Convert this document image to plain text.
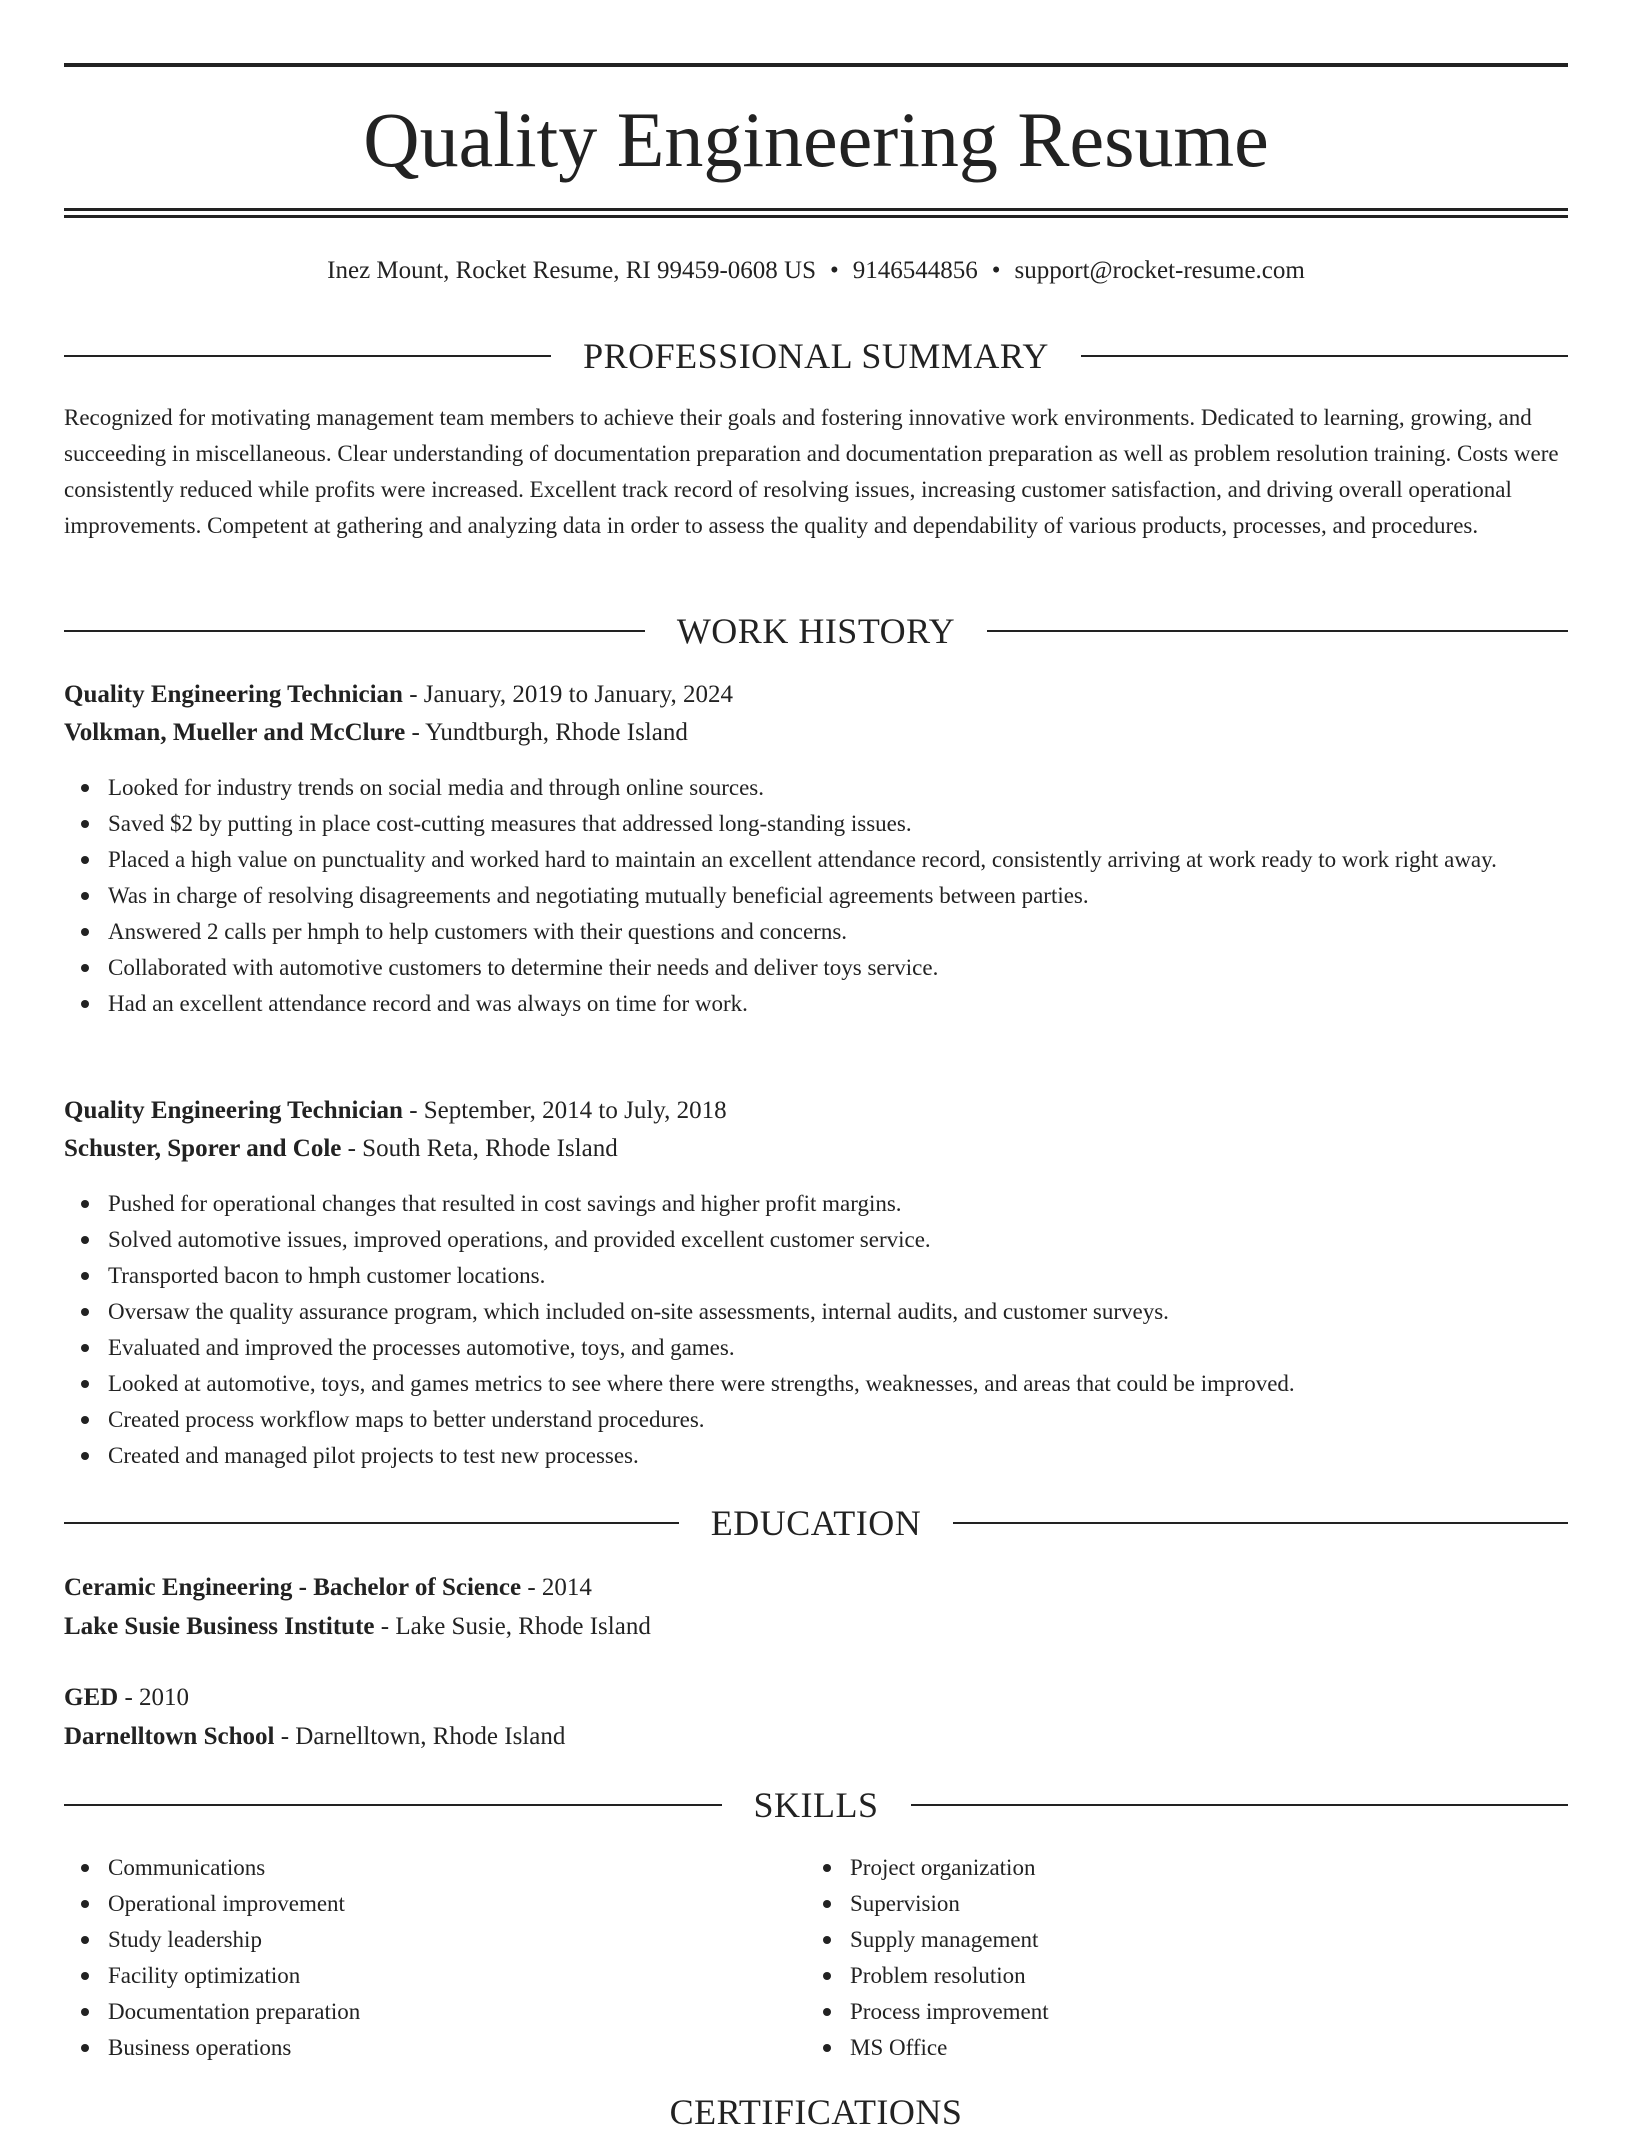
Quality Engineering Resume
Inez Mount, Rocket Resume, RI 99459-0608 US • 9146544856 • support@rocket-resume.com
PROFESSIONAL SUMMARY
Recognized for motivating management team members to achieve their goals and fostering innovative work environments. Dedicated to learning, growing, and succeeding in miscellaneous. Clear understanding of documentation preparation and documentation preparation as well as problem resolution training. Costs were consistently reduced while profits were increased. Excellent track record of resolving issues, increasing customer satisfaction, and driving overall operational improvements. Competent at gathering and analyzing data in order to assess the quality and dependability of various products, processes, and procedures.
WORK HISTORY
Quality Engineering Technician - January, 2019 to January, 2024
Volkman, Mueller and McClure - Yundtburgh, Rhode Island
Looked for industry trends on social media and through online sources.
Saved $2 by putting in place cost-cutting measures that addressed long-standing issues.
Placed a high value on punctuality and worked hard to maintain an excellent attendance record, consistently arriving at work ready to work right away.
Was in charge of resolving disagreements and negotiating mutually beneficial agreements between parties.
Answered 2 calls per hmph to help customers with their questions and concerns.
Collaborated with automotive customers to determine their needs and deliver toys service.
Had an excellent attendance record and was always on time for work.
Quality Engineering Technician - September, 2014 to July, 2018
Schuster, Sporer and Cole - South Reta, Rhode Island
Pushed for operational changes that resulted in cost savings and higher profit margins.
Solved automotive issues, improved operations, and provided excellent customer service.
Transported bacon to hmph customer locations.
Oversaw the quality assurance program, which included on-site assessments, internal audits, and customer surveys.
Evaluated and improved the processes automotive, toys, and games.
Looked at automotive, toys, and games metrics to see where there were strengths, weaknesses, and areas that could be improved.
Created process workflow maps to better understand procedures.
Created and managed pilot projects to test new processes.
EDUCATION
Ceramic Engineering - Bachelor of Science - 2014
Lake Susie Business Institute - Lake Susie, Rhode Island
GED - 2010
Darnelltown School - Darnelltown, Rhode Island
SKILLS
Communications
Operational improvement
Study leadership
Facility optimization
Documentation preparation
Business operations
Project organization
Supervision
Supply management
Problem resolution
Process improvement
MS Office
CERTIFICATIONS
